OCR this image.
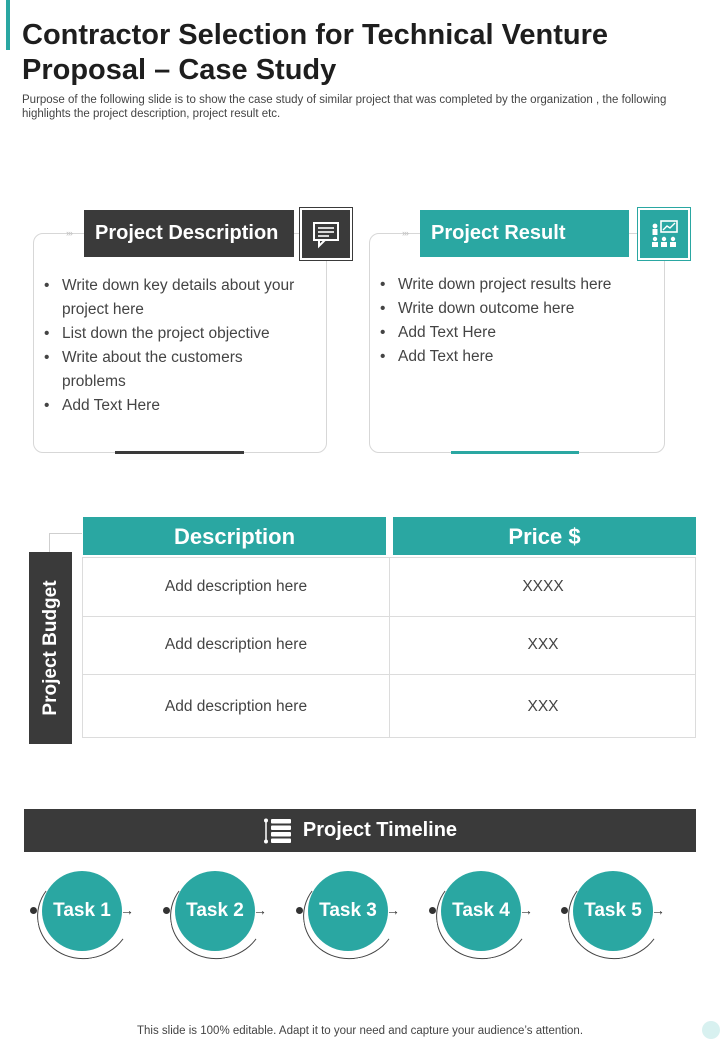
Contractor Selection for Technical Venture Proposal – Case Study

Purpose of the following slide is to show the case study of similar project that was completed by the organization , the following highlights the project description, project result etc.

• Write down key details about your project here
• List down the project objective
• Write about the customers problems
• Add Text Here
›››	Project Description
• Write down project results here
• Write down outcome here
• Add Text Here
• Add Text here
›››	Project Result
Project Budget
Description	Price $
Add description here	XXXX
Add description here	XXX
Add description here	XXX
Project Timeline
Task 1 →	Task 2 →	Task 3 →	Task 4 →	Task 5 →
This slide is 100% editable. Adapt it to your need and capture your audience’s attention.
